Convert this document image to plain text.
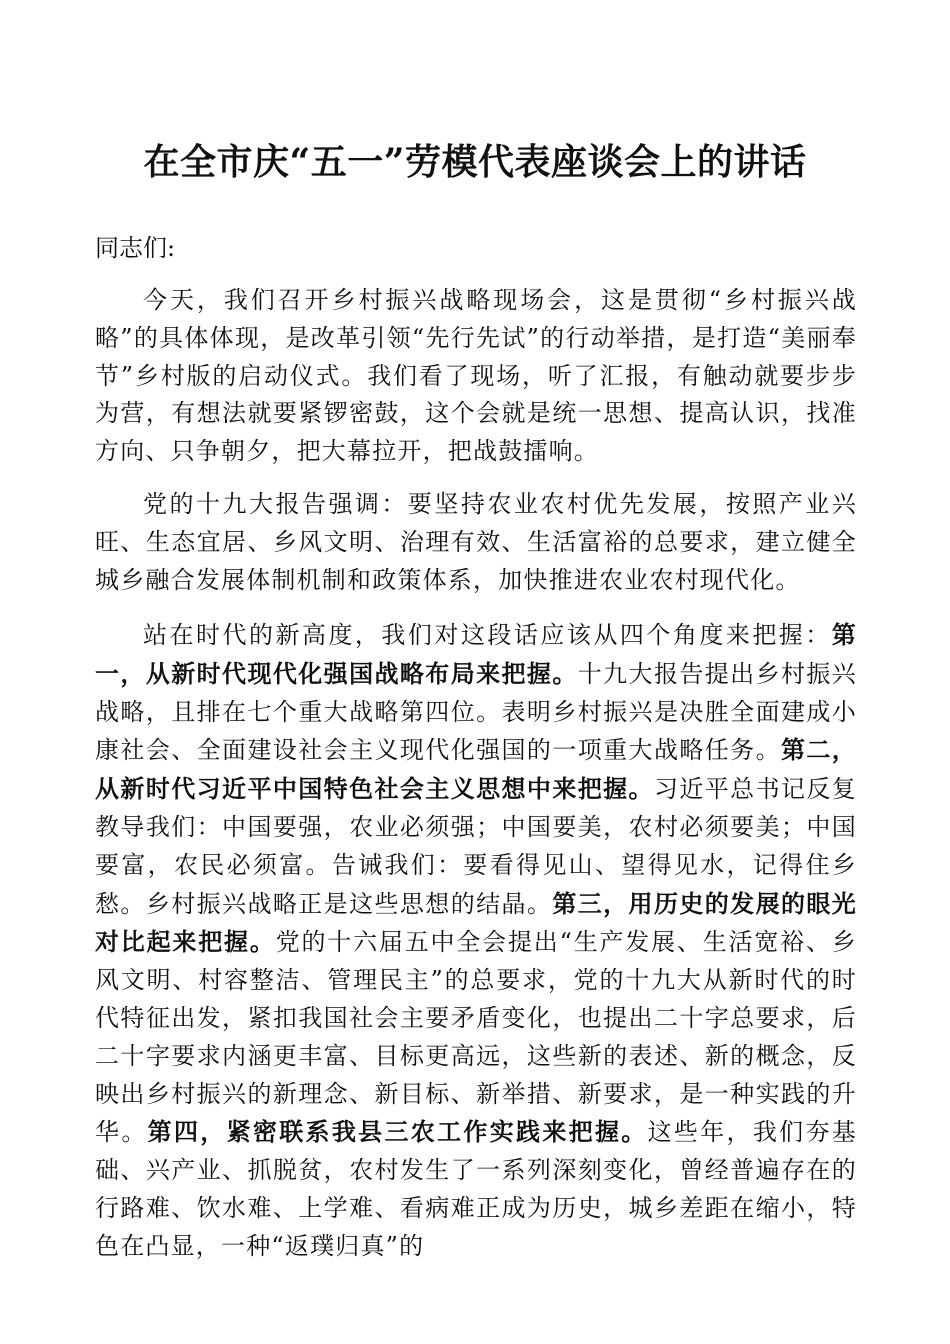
在全市庆“五一”劳模代表座谈会上的讲话
同志们:

今天，我们召开乡村振兴战略现场会，这是贯彻“乡村振兴战略”的具体体现，是改革引领“先行先试”的行动举措，是打造“美丽奉节”乡村版的启动仪式。我们看了现场，听了汇报，有触动就要步步为营，有想法就要紧锣密鼓，这个会就是统一思想、提高认识，找准方向、只争朝夕，把大幕拉开，把战鼓擂响。

党的十九大报告强调：要坚持农业农村优先发展，按照产业兴旺、生态宜居、乡风文明、治理有效、生活富裕的总要求，建立健全城乡融合发展体制机制和政策体系，加快推进农业农村现代化。

站在时代的新高度，我们对这段话应该从四个角度来把握：第一，从新时代现代化强国战略布局来把握。十九大报告提出乡村振兴战略，且排在七个重大战略第四位。表明乡村振兴是决胜全面建成小康社会、全面建设社会主义现代化强国的一项重大战略任务。第二，从新时代习近平中国特色社会主义思想中来把握。习近平总书记反复教导我们：中国要强，农业必须强；中国要美，农村必须要美；中国要富，农民必须富。告诫我们：要看得见山、望得见水，记得住乡愁。乡村振兴战略正是这些思想的结晶。第三，用历史的发展的眼光对比起来把握。党的十六届五中全会提出“生产发展、生活宽裕、乡风文明、村容整洁、管理民主”的总要求，党的十九大从新时代的时代特征出发，紧扣我国社会主要矛盾变化，也提出二十字总要求，后二十字要求内涵更丰富、目标更高远，这些新的表述、新的概念，反映出乡村振兴的新理念、新目标、新举措、新要求，是一种实践的升华。第四，紧密联系我县三农工作实践来把握。这些年，我们夯基础、兴产业、抓脱贫，农村发生了一系列深刻变化，曾经普遍存在的行路难、饮水难、上学难、看病难正成为历史，城乡差距在缩小，特色在凸显，一种“返璞归真”的
